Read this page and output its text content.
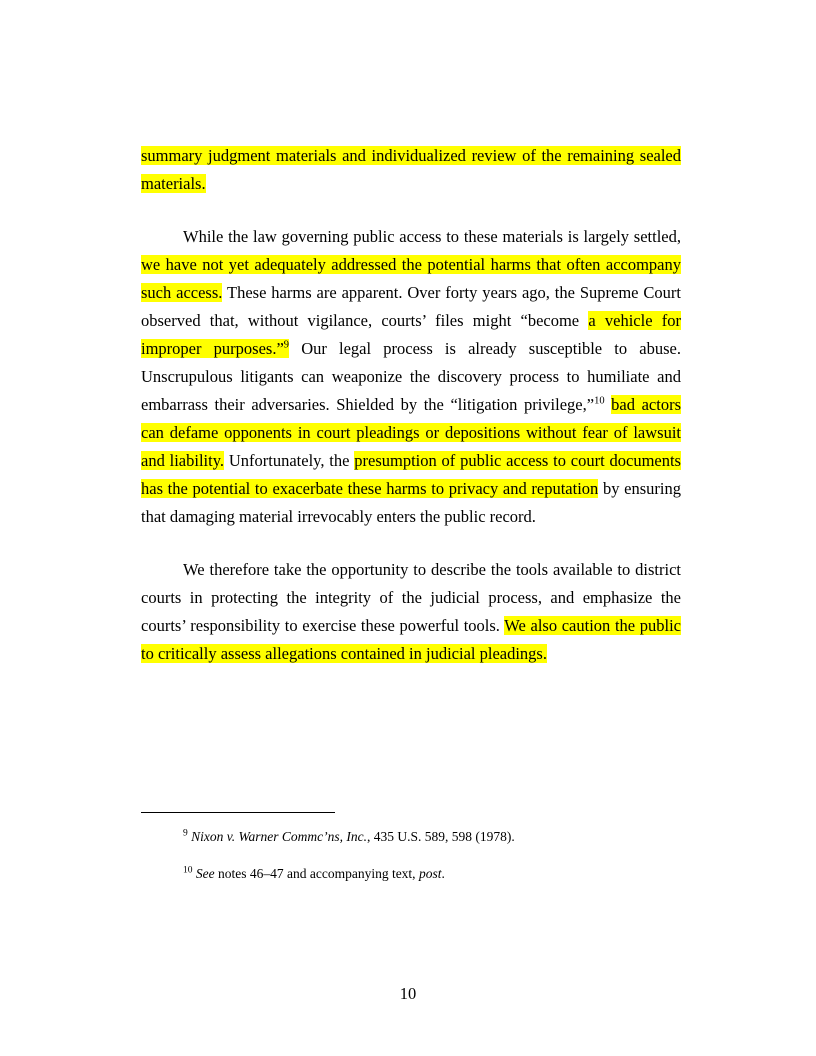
summary judgment materials and individualized review of the remaining sealed materials.

While the law governing public access to these materials is largely settled, we have not yet adequately addressed the potential harms that often accompany such access. These harms are apparent. Over forty years ago, the Supreme Court observed that, without vigilance, courts’ files might “become a vehicle for improper purposes.”$^9$ Our legal process is already susceptible to abuse. Unscrupulous litigants can weaponize the discovery process to humiliate and embarrass their adversaries. Shielded by the “litigation privilege,”$^{10}$ bad actors can defame opponents in court pleadings or depositions without fear of lawsuit and liability. Unfortunately, the presumption of public access to court documents has the potential to exacerbate these harms to privacy and reputation by ensuring that damaging material irrevocably enters the public record.

We therefore take the opportunity to describe the tools available to district courts in protecting the integrity of the judicial process, and emphasize the courts’ responsibility to exercise these powerful tools. We also caution the public to critically assess allegations contained in judicial pleadings.

$^9$ Nixon v. Warner Commc’ns, Inc., 435 U.S. 589, 598 (1978).
$^{10}$ See notes 46–47 and accompanying text, post.
10
